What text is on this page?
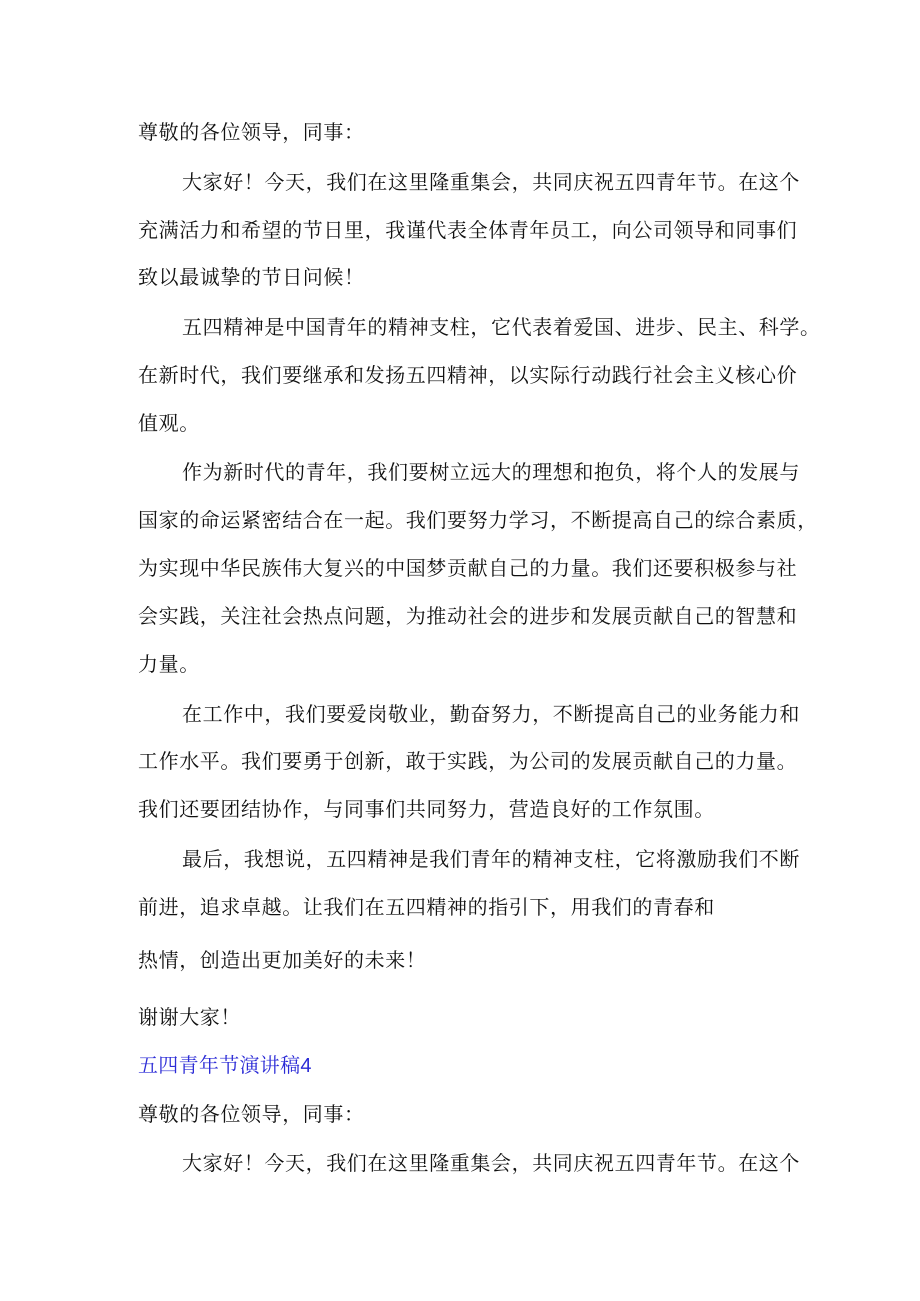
尊敬的各位领导，同事：
大家好！今天，我们在这里隆重集会，共同庆祝五四青年节。在这个
充满活力和希望的节日里，我谨代表全体青年员工，向公司领导和同事们
致以最诚挚的节日问候！
五四精神是中国青年的精神支柱，它代表着爱国、进步、民主、科学。
在新时代，我们要继承和发扬五四精神，以实际行动践行社会主义核心价
值观。
作为新时代的青年，我们要树立远大的理想和抱负，将个人的发展与
国家的命运紧密结合在一起。我们要努力学习，不断提高自己的综合素质，
为实现中华民族伟大复兴的中国梦贡献自己的力量。我们还要积极参与社
会实践，关注社会热点问题，为推动社会的进步和发展贡献自己的智慧和
力量。
在工作中，我们要爱岗敬业，勤奋努力，不断提高自己的业务能力和
工作水平。我们要勇于创新，敢于实践，为公司的发展贡献自己的力量。
我们还要团结协作，与同事们共同努力，营造良好的工作氛围。
最后，我想说，五四精神是我们青年的精神支柱，它将激励我们不断
前进，追求卓越。让我们在五四精神的指引下，用我们的青春和
热情，创造出更加美好的未来！
谢谢大家！
五四青年节演讲稿4
尊敬的各位领导，同事：
大家好！今天，我们在这里隆重集会，共同庆祝五四青年节。在这个
